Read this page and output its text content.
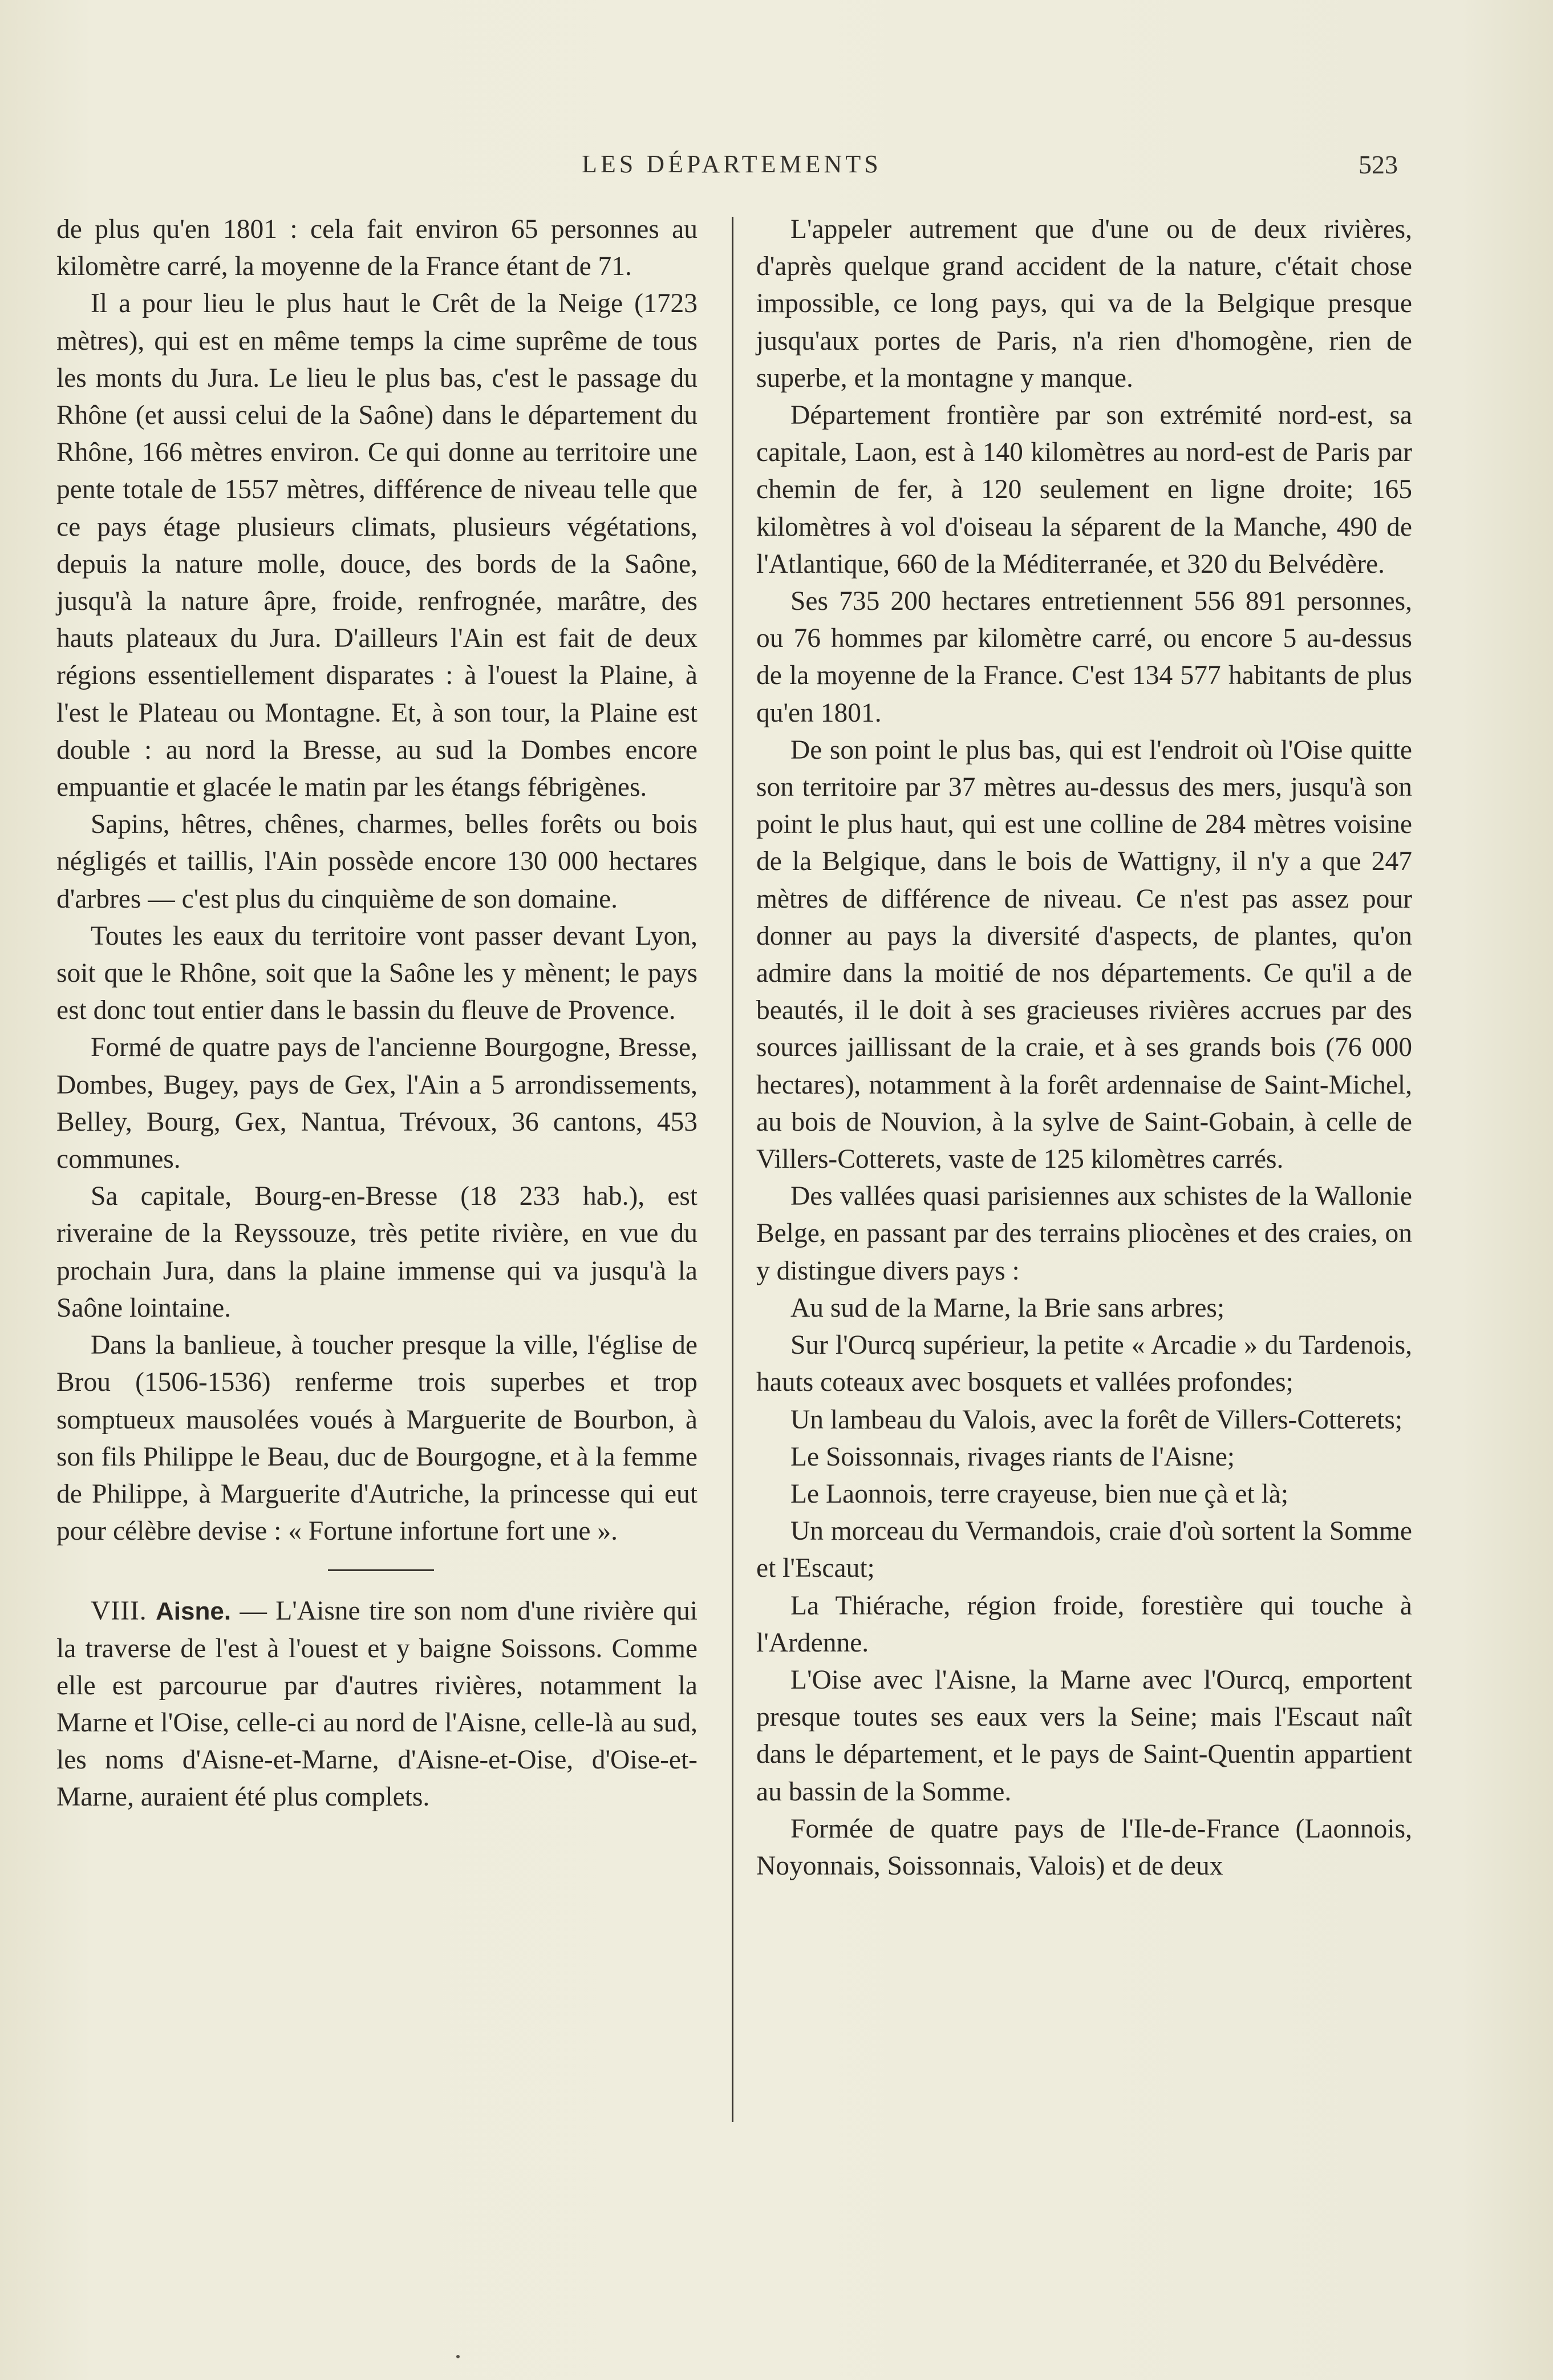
LES DÉPARTEMENTS	523

de plus qu'en 1801 : cela fait environ 65 personnes au kilomètre carré, la moyenne de la France étant de 71.

Il a pour lieu le plus haut le Crêt de la Neige (1723 mètres), qui est en même temps la cime suprême de tous les monts du Jura. Le lieu le plus bas, c'est le passage du Rhône (et aussi celui de la Saône) dans le département du Rhône, 166 mètres environ. Ce qui donne au territoire une pente totale de 1557 mètres, différence de niveau telle que ce pays étage plusieurs climats, plusieurs végétations, depuis la nature molle, douce, des bords de la Saône, jusqu'à la nature âpre, froide, renfrognée, marâtre, des hauts plateaux du Jura. D'ailleurs l'Ain est fait de deux régions essentiellement disparates : à l'ouest la Plaine, à l'est le Plateau ou Montagne. Et, à son tour, la Plaine est double : au nord la Bresse, au sud la Dombes encore empuantie et glacée le matin par les étangs fébrigènes.

Sapins, hêtres, chênes, charmes, belles forêts ou bois négligés et taillis, l'Ain possède encore 130 000 hectares d'arbres — c'est plus du cinquième de son domaine.

Toutes les eaux du territoire vont passer devant Lyon, soit que le Rhône, soit que la Saône les y mènent; le pays est donc tout entier dans le bassin du fleuve de Provence.

Formé de quatre pays de l'ancienne Bourgogne, Bresse, Dombes, Bugey, pays de Gex, l'Ain a 5 arrondissements, Belley, Bourg, Gex, Nantua, Trévoux, 36 cantons, 453 communes.

Sa capitale, Bourg-en-Bresse (18 233 hab.), est riveraine de la Reyssouze, très petite rivière, en vue du prochain Jura, dans la plaine immense qui va jusqu'à la Saône lointaine.

Dans la banlieue, à toucher presque la ville, l'église de Brou (1506-1536) renferme trois superbes et trop somptueux mausolées voués à Marguerite de Bourbon, à son fils Philippe le Beau, duc de Bourgogne, et à la femme de Philippe, à Marguerite d'Autriche, la princesse qui eut pour célèbre devise : « Fortune infortune fort une ».

VIII. Aisne. — L'Aisne tire son nom d'une rivière qui la traverse de l'est à l'ouest et y baigne Soissons. Comme elle est parcourue par d'autres rivières, notamment la Marne et l'Oise, celle-ci au nord de l'Aisne, celle-là au sud, les noms d'Aisne-et-Marne, d'Aisne-et-Oise, d'Oise-et-Marne, auraient été plus complets.

L'appeler autrement que d'une ou de deux rivières, d'après quelque grand accident de la nature, c'était chose impossible, ce long pays, qui va de la Belgique presque jusqu'aux portes de Paris, n'a rien d'homogène, rien de superbe, et la montagne y manque.

Département frontière par son extrémité nord-est, sa capitale, Laon, est à 140 kilomètres au nord-est de Paris par chemin de fer, à 120 seulement en ligne droite; 165 kilomètres à vol d'oiseau la séparent de la Manche, 490 de l'Atlantique, 660 de la Méditerranée, et 320 du Belvédère.

Ses 735 200 hectares entretiennent 556 891 personnes, ou 76 hommes par kilomètre carré, ou encore 5 au-dessus de la moyenne de la France. C'est 134 577 habitants de plus qu'en 1801.

De son point le plus bas, qui est l'endroit où l'Oise quitte son territoire par 37 mètres au-dessus des mers, jusqu'à son point le plus haut, qui est une colline de 284 mètres voisine de la Belgique, dans le bois de Wattigny, il n'y a que 247 mètres de différence de niveau. Ce n'est pas assez pour donner au pays la diversité d'aspects, de plantes, qu'on admire dans la moitié de nos départements. Ce qu'il a de beautés, il le doit à ses gracieuses rivières accrues par des sources jaillissant de la craie, et à ses grands bois (76 000 hectares), notamment à la forêt ardennaise de Saint-Michel, au bois de Nouvion, à la sylve de Saint-Gobain, à celle de Villers-Cotterets, vaste de 125 kilomètres carrés.

Des vallées quasi parisiennes aux schistes de la Wallonie Belge, en passant par des terrains pliocènes et des craies, on y distingue divers pays :

Au sud de la Marne, la Brie sans arbres;

Sur l'Ourcq supérieur, la petite « Arcadie » du Tardenois, hauts coteaux avec bosquets et vallées profondes;

Un lambeau du Valois, avec la forêt de Villers-Cotterets;

Le Soissonnais, rivages riants de l'Aisne;

Le Laonnois, terre crayeuse, bien nue çà et là;

Un morceau du Vermandois, craie d'où sortent la Somme et l'Escaut;

La Thiérache, région froide, forestière qui touche à l'Ardenne.

L'Oise avec l'Aisne, la Marne avec l'Ourcq, emportent presque toutes ses eaux vers la Seine; mais l'Escaut naît dans le département, et le pays de Saint-Quentin appartient au bassin de la Somme.

Formée de quatre pays de l'Ile-de-France (Laonnois, Noyonnais, Soissonnais, Valois) et de deux
